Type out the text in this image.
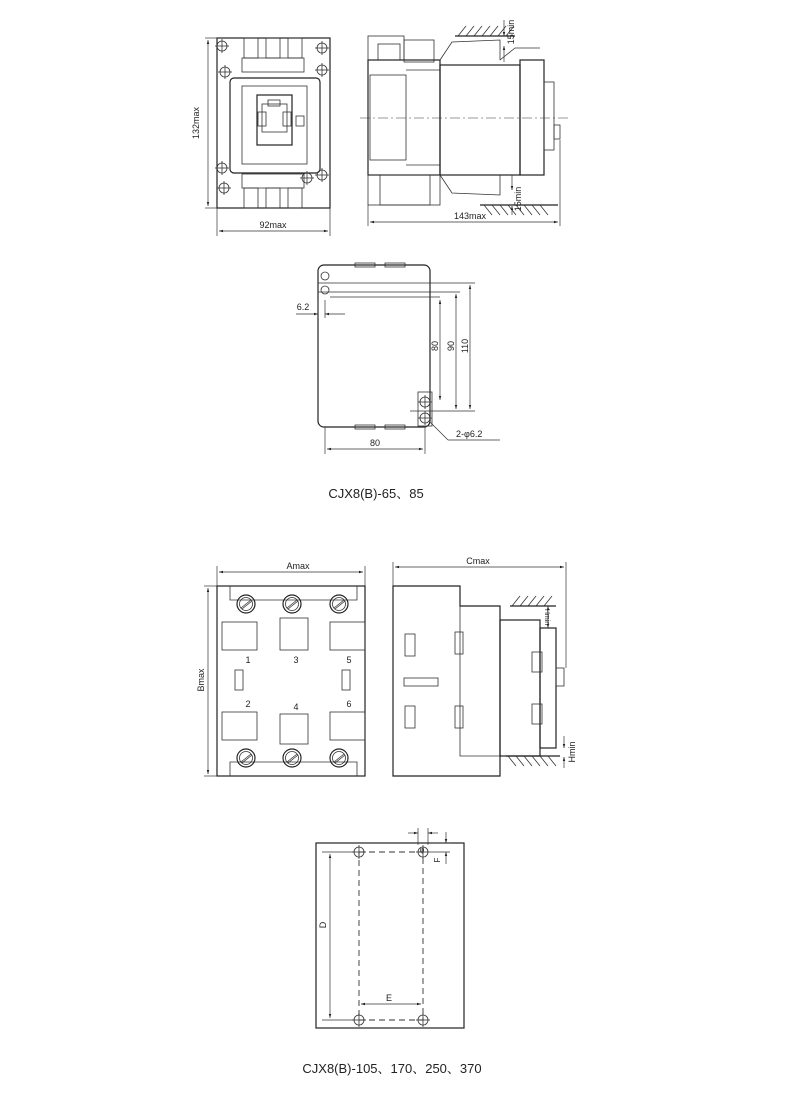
132max
92max
15min
15min
143max
80 90 110
6.2
80
2-φ6.2
CJX8(B)-65、85
1	3	5
2	4	6
Amax
Bmax
Hmin
Hmin
Cmax
D
E
φ
F
CJX8(B)-105、170、250、370
